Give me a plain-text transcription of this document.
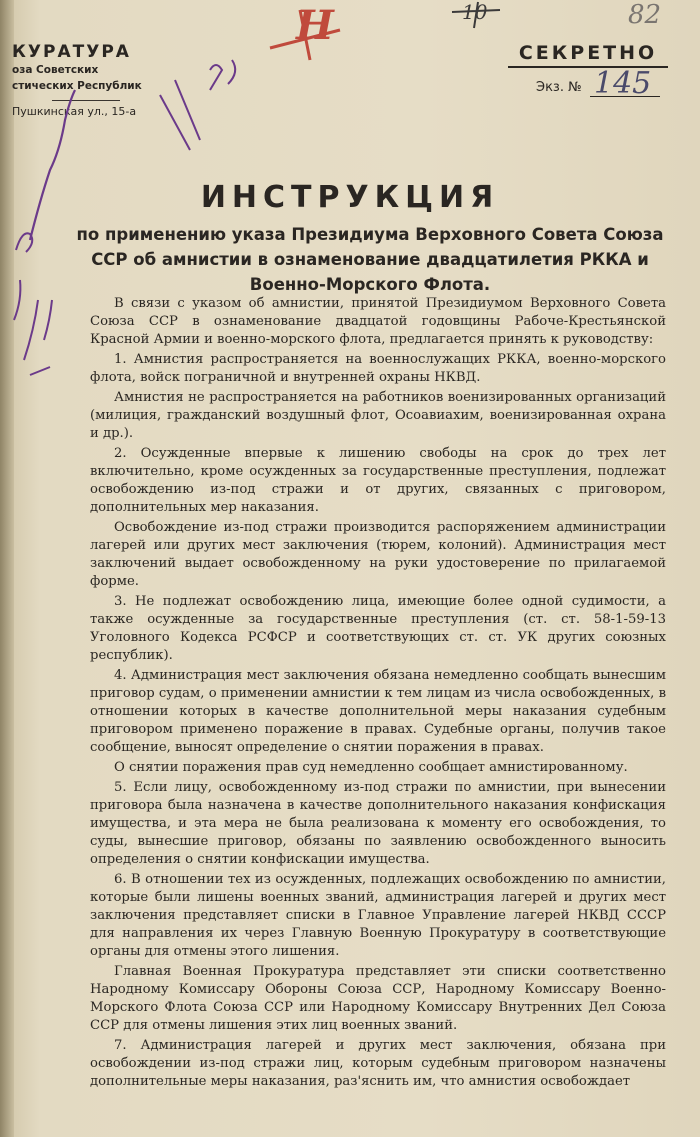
КУРАТУРА
оза Советских
стических Республик
Пушкинская ул., 15-а
СЕКРЕТНО
Экз. №
82
10
Н
145
ИНСТРУКЦИЯ
по применению указа Президиума Верховного Совета Союза ССР об амнистии в ознаменование двадцатилетия РККА и Военно-Морского Флота.

В связи с указом об амнистии, принятой Президиумом Верховного Совета Союза ССР в ознаменование двадцатой годовщины Рабоче-Крестьянской Красной Армии и военно-морского флота, предлагается принять к руководству:

1. Амнистия распространяется на военнослужащих РККА, военно-морского флота, войск пограничной и внутренней охраны НКВД.

Амнистия не распространяется на работников военизированных организаций (милиция, гражданский воздушный флот, Осоавиахим, военизированная охрана и др.).

2. Осужденные впервые к лишению свободы на срок до трех лет включительно, кроме осужденных за государственные преступления, подлежат освобождению из-под стражи и от других, связанных с приговором, дополнительных мер наказания.

Освобождение из-под стражи производится распоряжением администрации лагерей или других мест заключения (тюрем, колоний). Администрация мест заключений выдает освобожденному на руки удостоверение по прилагаемой форме.

3. Не подлежат освобождению лица, имеющие более одной судимости, а также осужденные за государственные преступления (ст. ст. 58-1-59-13 Уголовного Кодекса РСФСР и соответствующих ст. ст. УК других союзных республик).

4. Администрация мест заключения обязана немедленно сообщать вынесшим приговор судам, о применении амнистии к тем лицам из числа освобожденных, в отношении которых в качестве дополнительной меры наказания судебным приговором применено поражение в правах. Судебные органы, получив такое сообщение, выносят определение о снятии поражения в правах.

О снятии поражения прав суд немедленно сообщает амнистированному.

5. Если лицу, освобожденному из-под стражи по амнистии, при вынесении приговора была назначена в качестве дополнительного наказания конфискация имущества, и эта мера не была реализована к моменту его освобождения, то суды, вынесшие приговор, обязаны по заявлению освобожденного выносить определения о снятии конфискации имущества.

6. В отношении тех из осужденных, подлежащих освобождению по амнистии, которые были лишены военных званий, администрация лагерей и других мест заключения представляет списки в Главное Управление лагерей НКВД СССР для направления их через Главную Военную Прокуратуру в соответствующие органы для отмены этого лишения.

Главная Военная Прокуратура представляет эти списки соответственно Народному Комиссару Обороны Союза ССР, Народному Комиссару Военно-Морского Флота Союза ССР или Народному Комиссару Внутренних Дел Союза ССР для отмены лишения этих лиц военных званий.

7. Администрация лагерей и других мест заключения, обязана при освобождении из-под стражи лиц, которым судебным приговором назначены дополнительные меры наказания, раз'яснить им, что амнистия освобождает
